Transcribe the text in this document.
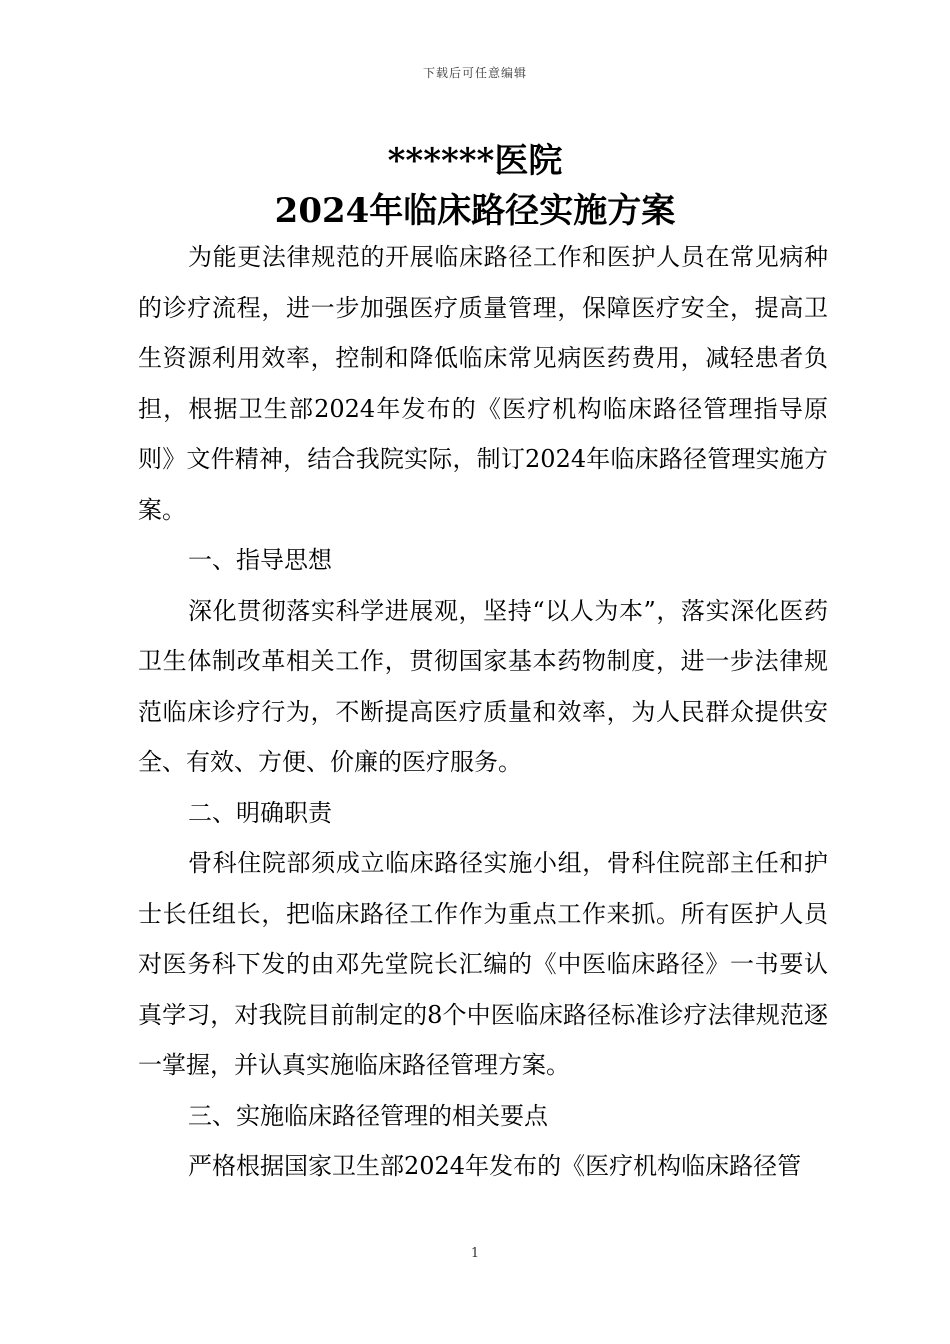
下载后可任意编辑
******医院
2024年临床路径实施方案

为能更法律规范的开展临床路径工作和医护人员在常见病种的诊疗流程，进一步加强医疗质量管理，保障医疗安全，提高卫生资源利用效率，控制和降低临床常见病医药费用，减轻患者负担，根据卫生部2024年发布的《医疗机构临床路径管理指导原则》文件精神，结合我院实际，制订2024年临床路径管理实施方案。

一、指导思想

深化贯彻落实科学进展观，坚持“以人为本”，落实深化医药卫生体制改革相关工作，贯彻国家基本药物制度，进一步法律规范临床诊疗行为，不断提高医疗质量和效率，为人民群众提供安全、有效、方便、价廉的医疗服务。

二、明确职责

骨科住院部须成立临床路径实施小组，骨科住院部主任和护士长任组长，把临床路径工作作为重点工作来抓。所有医护人员对医务科下发的由邓先堂院长汇编的《中医临床路径》一书要认真学习，对我院目前制定的8个中医临床路径标准诊疗法律规范逐一掌握，并认真实施临床路径管理方案。

三、实施临床路径管理的相关要点

严格根据国家卫生部2024年发布的《医疗机构临床路径管

1
